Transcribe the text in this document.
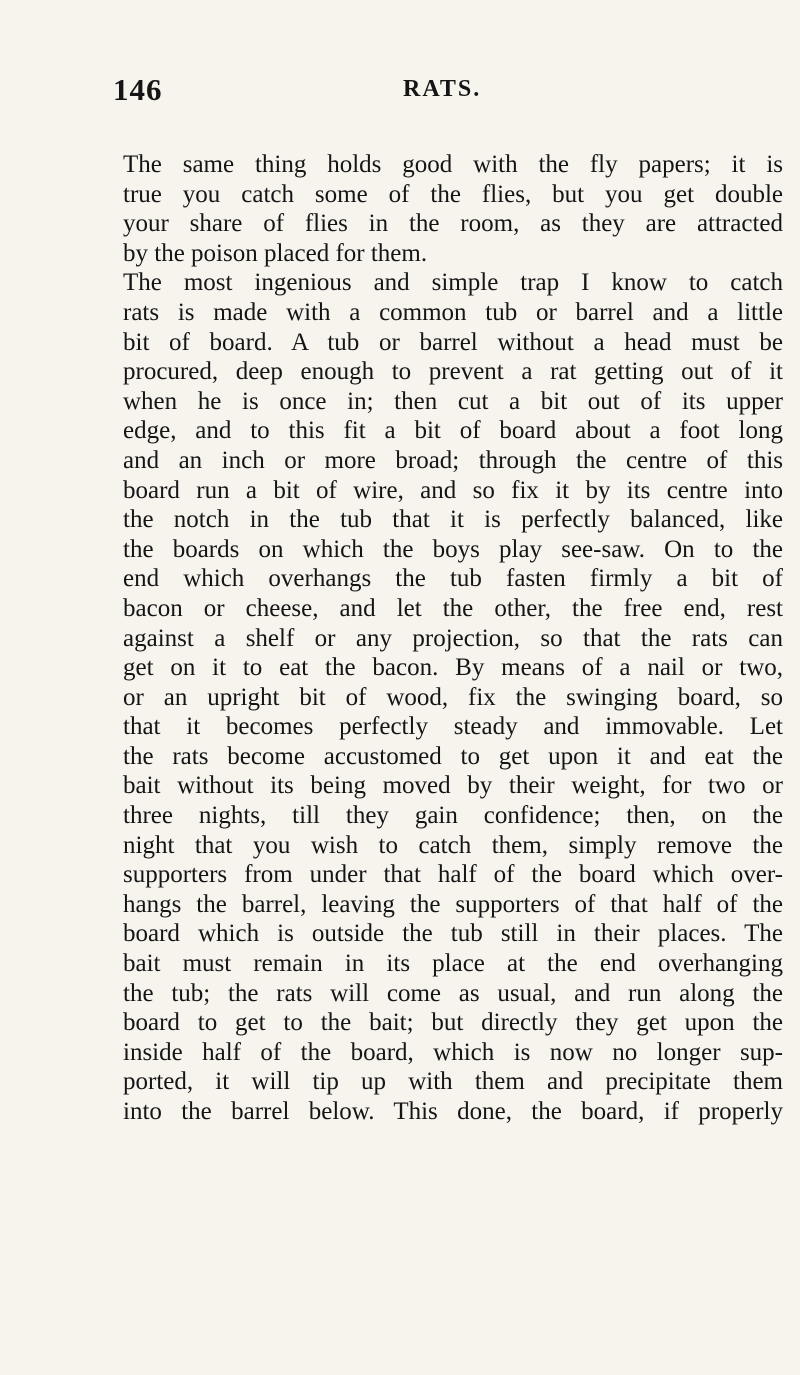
146	RATS.
The same thing holds good with the fly papers; it is
true you catch some of the flies, but you get double
your share of flies in the room, as they are attracted
by the poison placed for them.
The most ingenious and simple trap I know to catch
rats is made with a common tub or barrel and a little
bit of board. A tub or barrel without a head must be
procured, deep enough to prevent a rat getting out of it
when he is once in; then cut a bit out of its upper
edge, and to this fit a bit of board about a foot long
and an inch or more broad; through the centre of this
board run a bit of wire, and so fix it by its centre into
the notch in the tub that it is perfectly balanced, like
the boards on which the boys play see-saw. On to the
end which overhangs the tub fasten firmly a bit of
bacon or cheese, and let the other, the free end, rest
against a shelf or any projection, so that the rats can
get on it to eat the bacon. By means of a nail or two,
or an upright bit of wood, fix the swinging board, so
that it becomes perfectly steady and immovable. Let
the rats become accustomed to get upon it and eat the
bait without its being moved by their weight, for two or
three nights, till they gain confidence; then, on the
night that you wish to catch them, simply remove the
supporters from under that half of the board which over-
hangs the barrel, leaving the supporters of that half of the
board which is outside the tub still in their places. The
bait must remain in its place at the end overhanging
the tub; the rats will come as usual, and run along the
board to get to the bait; but directly they get upon the
inside half of the board, which is now no longer sup-
ported, it will tip up with them and precipitate them
into the barrel below. This done, the board, if properly
